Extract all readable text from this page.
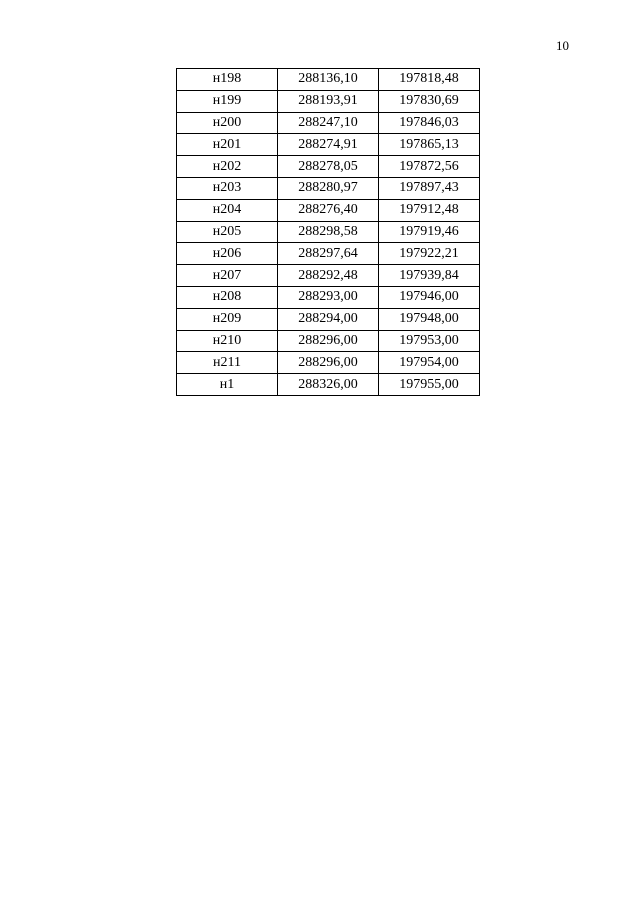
10
н198	288136,10	197818,48
н199	288193,91	197830,69
н200	288247,10	197846,03
н201	288274,91	197865,13
н202	288278,05	197872,56
н203	288280,97	197897,43
н204	288276,40	197912,48
н205	288298,58	197919,46
н206	288297,64	197922,21
н207	288292,48	197939,84
н208	288293,00	197946,00
н209	288294,00	197948,00
н210	288296,00	197953,00
н211	288296,00	197954,00
н1	288326,00	197955,00
